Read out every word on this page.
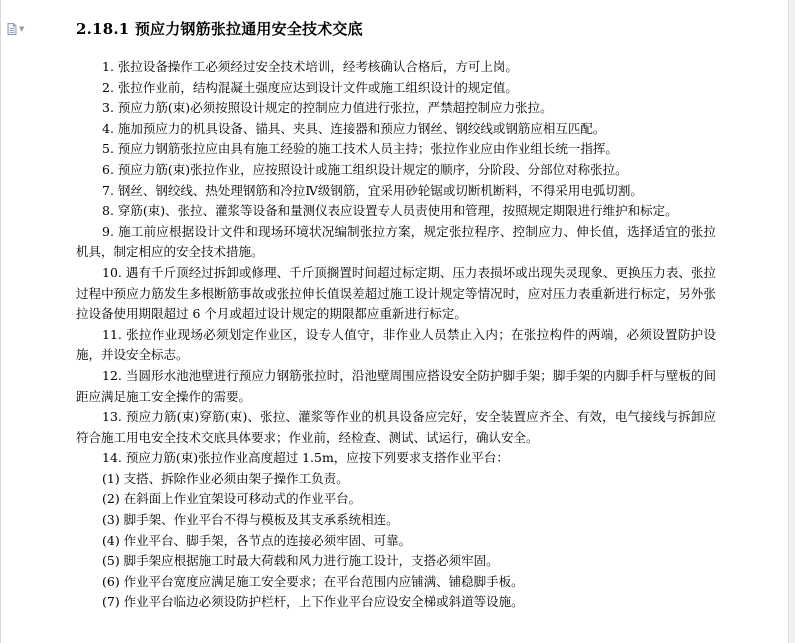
▼	2.18.1 预应力钢筋张拉通用安全技术交底

1. 张拉设备操作工必须经过安全技术培训，经考核确认合格后，方可上岗。

2. 张拉作业前，结构混凝土强度应达到设计文件或施工组织设计的规定值。

3. 预应力筋(束)必须按照设计规定的控制应力值进行张拉，严禁超控制应力张拉。

4. 施加预应力的机具设备、锚具、夹具、连接器和预应力钢丝、钢绞线或钢筋应相互匹配。

5. 预应力钢筋张拉应由具有施工经验的施工技术人员主持；张拉作业应由作业组长统一指挥。

6. 预应力筋(束)张拉作业，应按照设计或施工组织设计规定的顺序，分阶段、分部位对称张拉。

7. 钢丝、钢绞线、热处理钢筋和冷拉Ⅳ级钢筋，宜采用砂轮锯或切断机断料，不得采用电弧切割。

8. 穿筋(束)、张拉、灌浆等设备和量测仪表应设置专人员责使用和管理，按照规定期限进行维护和标定。

9. 施工前应根据设计文件和现场环境状况编制张拉方案，规定张拉程序、控制应力、伸长值，选择适宜的张拉机具，制定相应的安全技术措施。

10. 遇有千斤顶经过拆卸或修理、千斤顶搁置时间超过标定期、压力表损坏或出现失灵现象、更换压力表、张拉过程中预应力筋发生多根断筋事故或张拉伸长值误差超过施工设计规定等情况时，应对压力表重新进行标定，另外张拉设备使用期限超过 6 个月或超过设计规定的期限都应重新进行标定。

11. 张拉作业现场必须划定作业区，设专人值守，非作业人员禁止入内；在张拉构件的两端，必须设置防护设施，并设安全标志。

12. 当圆形水池池壁进行预应力钢筋张拉时，沿池壁周围应搭设安全防护脚手架；脚手架的内脚手杆与壁板的间距应满足施工安全操作的需要。

13. 预应力筋(束)穿筋(束)、张拉、灌浆等作业的机具设备应完好，安全装置应齐全、有效，电气接线与拆卸应符合施工用电安全技术交底具体要求；作业前，经检查、测试、试运行，确认安全。

14. 预应力筋(束)张拉作业高度超过 1.5m，应按下列要求支搭作业平台：

(1) 支搭、拆除作业必须由架子操作工负责。

(2) 在斜面上作业宜架设可移动式的作业平台。

(3) 脚手架、作业平台不得与模板及其支承系统相连。

(4) 作业平台、脚手架，各节点的连接必须牢固、可靠。

(5) 脚手架应根据施工时最大荷载和风力进行施工设计，支搭必须牢固。

(6) 作业平台宽度应满足施工安全要求；在平台范围内应铺满、铺稳脚手板。

(7) 作业平台临边必须设防护栏杆，上下作业平台应设安全梯或斜道等设施。
